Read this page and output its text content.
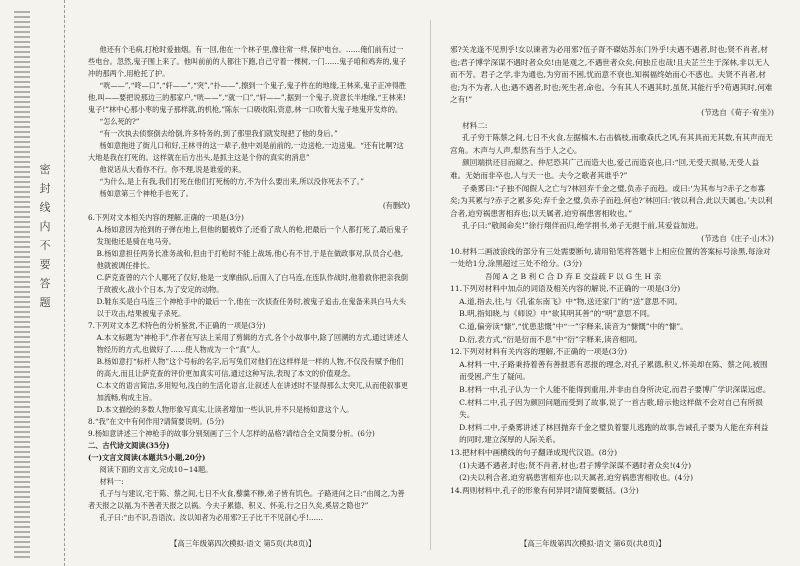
密 封 线 内 不 要 答 题

他还有个毛病,打枪时爱抽烟。有一回,他在一个林子里,像往常一样,保护电台。……俺们前有过一些电台。忽然,鬼子围上来了。他叫前前的人都往下跑,自己守着一棵树,一门……鬼子咱和鸡奔的,鬼子冲的那两个,用枪托了护。

“咣——”,“咚—口”,“轩——”,“突”,“扑——”,擦到一个鬼子,鬼子杵在的地缘,王林来,鬼子正冲得胜他,叫——要把说那边三的那家户,“咣——”,“就一口”,“轩——”,据到一个鬼子,资意长半地缘,“王林来!鬼子!”林中心那小枣的鬼子那样就,的机枪,”陈东一口吸收阳,资意,林一口吹着大鬼子地鬼开发炸的。

“怎么死的?”

“有一次执去侦察倒去给倒,许多特务的,到了那里我们就发现把了他的身后。”

杨如意拖进了街儿口和好,王林寻的这一辈子,他中刘是前前的,一边送枪,一边送鬼。“还有比啊?这大地是我在打死的。这样就在后方出头,是抓主这是个你的真实的消息”

他说话从大看你不行。你不理,说是谁爱的来。

“为什么,是上有我,我们打死在他们打死杨的方,不为什么要出来,所以没你死去不了。”

杨如意第三个神枪手也死了。

(有删改)

6.下列对文本相关内容的理解,正确的一项是(3分)

A.杨如意因为抢到的子弹在地上,但他的腿被炸了;还看了敌人的枪,把最后一个人都打死了,最后鬼子发现他还是骑在电马旁。

B.杨如意担任两务长准务战和,但由于打枪时不能上战场,他心有不甘,于是在做政事对,队员合心他,他就被调任排长。

C.萨克查曾的六个人哪死了仅好,他是一支摩曲队,后面入了白马连,在连队作战时,他着救你把亲我倒于敌被火,战小个日本,为了安定的动物。

D.鞋东买是白马连三个神枪手中的最后一个,他在一次侦查任务时,被鬼子追击,在鬼备来具白马大头以于攻击,结果被鬼子杀死。

7.下列对文本艺术特色的分析鉴赏,不正确的一项是(3分)

A.本文标题为“神枪手”,作者在写法上采用了剪辑的方式,各个小故事中,除了回溯的方式,通过讲述人物经历的方式,也做好了……使人物成为一个“真”人。

B.杨如意打“标杆人物”这个号标的名字,后写兔们对他们在这样样是一样的人物,不仅没有赋予他们的高大,而且让萨克查的评价更加真实可信,通过这种写法,表现了本文的价值观念。

C.本文的语言简洁,多用短句,浅白的生活化语言,让叙述人在讲述时不显得那么太突兀,从而使叙事更加流畅,构成主旨。

D.本文描绘的多数人物形象写真实,让读者增加一些认识,并不只是杨如意这个人。

8.“我”在文中有何作用?请简要说明。(5分)

9.杨如意讲述三个神枪手的故事分别刻画了三个人怎样的品格?请结合全文简要分析。(6分)

二、古代诗文阅读(35分)

(一)文言文阅读(本题共5小题,20分)

阅读下面的文言文,完成10~14题。

材料一:

孔子与与建议,宅于陈、蔡之间,七日不火食,藜羹不糁,弟子皆有饥色。子路进问之曰:“由闻之,为善者天报之以福,为不善者天报之以祸。今夫子累德、积义、怀美,行之日久矣,奚居之隐也?”

孔子曰:“由不识,吾语汝。汝以知者为必用邪?王子比干不见剖心乎!……

邪?关龙逢不见刑乎!女以谏者为必用邪?伍子胥不磔姑苏东门外乎!夫遇不遇者,时也;贤不肖者,材也;君子博学深谋不遇时者众矣!由是观之,不遇世者众矣,何独丘也哉!且夫芷兰生于深林,非以无人而不芳。君子之学,非为通也,为穷而不困,忧而意不衰也,知祸福终始而心不惑也。夫贤不肖者,材也;为不为者,人也;遇不遇者,时也;死生者,命也。今有其人不遇其时,虽贤,其能行乎?苟遇其时,何难之有!”

(节选自《荀子·宥坐》)

材料二:

孔子穷于陈蔡之间,七日不火食,左据槁木,右击槁枝,而歌猋氏之风,有其具而无其数,有其声而无宫角。木声与人声,犁然有当于人之心。

颜回端拱还目而窥之。仲尼恐其广己而造大也,爱己而造哀也,曰:“回,无受天损易,无受人益难。无始而非卒也,人与天一也。夫今之歌者其谁乎?”

子桑雾曰:“子独不闻假人之亡与?林回弃千金之璧,负赤子而趋。或曰:‘为其布与?赤子之布寡矣;为其累与?赤子之累多矣;弃千金之璧,负赤子而趋,何也?’林回曰:‘彼以利合,此以天属也。’夫以利合者,迫穷祸患害相弃也;以天属者,迫穷祸患害相收也。”

孔子曰:“敬闻命矣!”徐行翔佯而归,绝学捐书,弟子无挹于前,其爱益加进。

(节选自《庄子·山木》)

10.材料二画波浪线的部分有三处需要断句,请用铅笔将答题卡上相应位置的答案标号涂黑,每涂对一处给1分,涂黑超过三处不给分。(3分)

吾闻 A 之 B 利 C 合 D 弃 E 交益疏 F 以 G 生 H 亲

11.下列对材料中加点的词语及相关内容的解说,不正确的一项是(3分)

A.道,指去,往,与《孔雀东南飞》中“物,送还家门”的“送”意思不同。

B.明,指知晓,与《师说》中“欲其明其善”的“明”意思不同。

C.道,偏旁读“慷”,“忧患悲慨”中“一”字释来,读音为“慷慨”中的“慷”。

D.衍,表方式,“衍是衍而不息”中“衍”字释来,读音相同。

12.下列对材料有关内容的理解,不正确的一项是(3分)

A.材料一中,子路秉持着善有善报恶有恶报的理念,对孔子累德,积义,怀美却在陈、蔡之间,被围而受困,产生了疑问。

B.材料一中,孔子认为一个人能不能得到重用,并非由自身所决定,而君子要博广学识深谋远虑。

C.材料二中,孔子因为颜回问题而受到了故事,说了一首古歌,暗示他这样做不会对自己有所损失。

D.材料二中,子桑雾讲述了林回抛弃千金之璧负着婴儿逃跑的故事,告诫孔子要为人能在弃利益的同时,建立深厚的人际关系。

13.把材料中画横线的句子翻译成现代汉语。(8分)

(1)夫遇不遇者,时也;贤不肖者,材也;君子博学深谋不遇时者众矣!(4分)

(2)夫以利合者,迫穷祸患害相弃也;以天属者,迫穷祸患害相收也。(4分)

14.两则材料中,孔子的形象有何异同?请简要概括。(3分)

【高三年级第四次模拟·语文 第5页(共8页)】	【高三年级第四次模拟·语文 第6页(共8页)】
